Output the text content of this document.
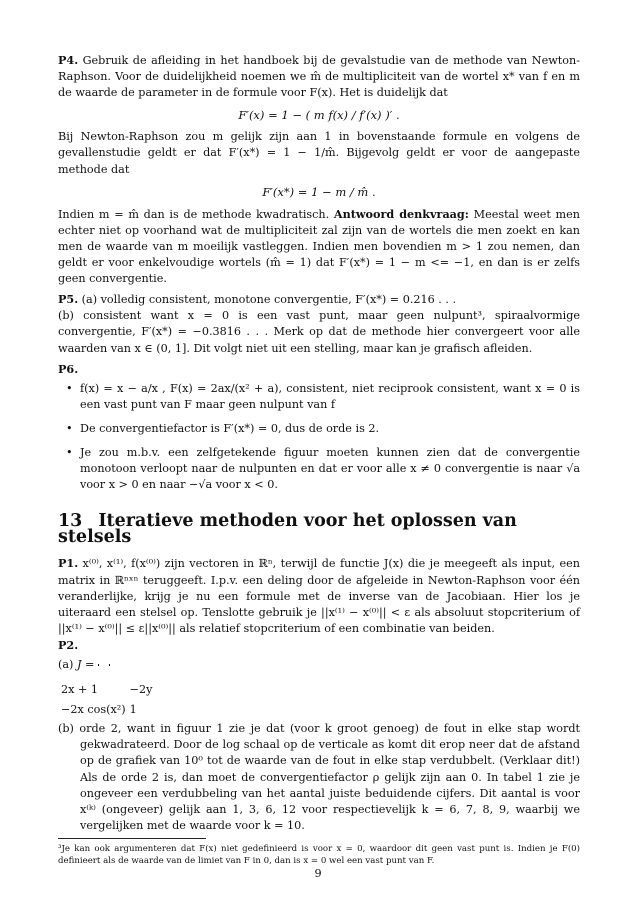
P4. Gebruik de afleiding in het handboek bij de gevalstudie van de methode van Newton-Raphson. Voor de duidelijkheid noemen we m̂ de multipliciteit van de wortel x* van f en m de waarde de parameter in de formule voor F(x). Het is duidelijk dat

F′(x) = 1 − ( m f(x) / f′(x) )′ .

Bij Newton-Raphson zou m gelijk zijn aan 1 in bovenstaande formule en volgens de gevallenstudie geldt er dat F′(x*) = 1 − 1/m̂. Bijgevolg geldt er voor de aangepaste methode dat

F′(x*) = 1 − m / m̂ .

Indien m = m̂ dan is de methode kwadratisch. Antwoord denkvraag: Meestal weet men echter niet op voorhand wat de multipliciteit zal zijn van de wortels die men zoekt en kan men de waarde van m moeilijk vastleggen. Indien men bovendien m > 1 zou nemen, dan geldt er voor enkelvoudige wortels (m̂ = 1) dat F′(x*) = 1 − m <= −1, en dan is er zelfs geen convergentie.

P5. (a) volledig consistent, monotone convergentie, F′(x*) = 0.216 . . .

(b) consistent want x = 0 is een vast punt, maar geen nulpunt³, spiraalvormige convergentie, F′(x*) = −0.3816 . . . Merk op dat de methode hier convergeert voor alle waarden van x ∈ (0, 1]. Dit volgt niet uit een stelling, maar kan je grafisch afleiden.

P6.

• f(x) = x − a/x , F(x) = 2ax/(x² + a), consistent, niet reciprook consistent, want x = 0 is een vast punt van F maar geen nulpunt van f
• De convergentiefactor is F′(x*) = 0, dus de orde is 2.
• Je zou m.b.v. een zelfgetekende figuur moeten kunnen zien dat de convergentie monotoon verloopt naar de nulpunten en dat er voor alle x ≠ 0 convergentie is naar √a voor x > 0 en naar −√a voor x < 0.
13 Iteratieve methoden voor het oplossen van stelsels

P1. x⁽⁰⁾, x⁽¹⁾, f(x⁽⁰⁾) zijn vectoren in ℝⁿ, terwijl de functie J(x) die je meegeeft als input, een matrix in ℝⁿˣⁿ teruggeeft. I.p.v. een deling door de afgeleide in Newton-Raphson voor één veranderlijke, krijg je nu een formule met de inverse van de Jacobiaan. Hier los je uiteraard een stelsel op. Tenslotte gebruik je ||x⁽¹⁾ − x⁽⁰⁾|| < ε als absoluut stopcriterium of ||x⁽¹⁾ − x⁽⁰⁾|| ≤ ε||x⁽⁰⁾|| als relatief stopcriterium of een combinatie van beiden.

P2.

(a) J =

2x + 1	−2y
−2x cos(x²)	1

(b) orde 2, want in figuur 1 zie je dat (voor k groot genoeg) de fout in elke stap wordt gekwadrateerd. Door de log schaal op de verticale as komt dit erop neer dat de afstand op de grafiek van 10⁰ tot de waarde van de fout in elke stap verdubbelt. (Verklaar dit!) Als de orde 2 is, dan moet de convergentiefactor ρ gelijk zijn aan 0. In tabel 1 zie je ongeveer een verdubbeling van het aantal juiste beduidende cijfers. Dit aantal is voor x⁽ᵏ⁾ (ongeveer) gelijk aan 1, 3, 6, 12 voor respectievelijk k = 6, 7, 8, 9, waarbij we vergelijken met de waarde voor k = 10.

³Je kan ook argumenteren dat F(x) niet gedefinieerd is voor x = 0, waardoor dit geen vast punt is. Indien je F(0) definieert als de waarde van de limiet van F in 0, dan is x = 0 wel een vast punt van F.

9
